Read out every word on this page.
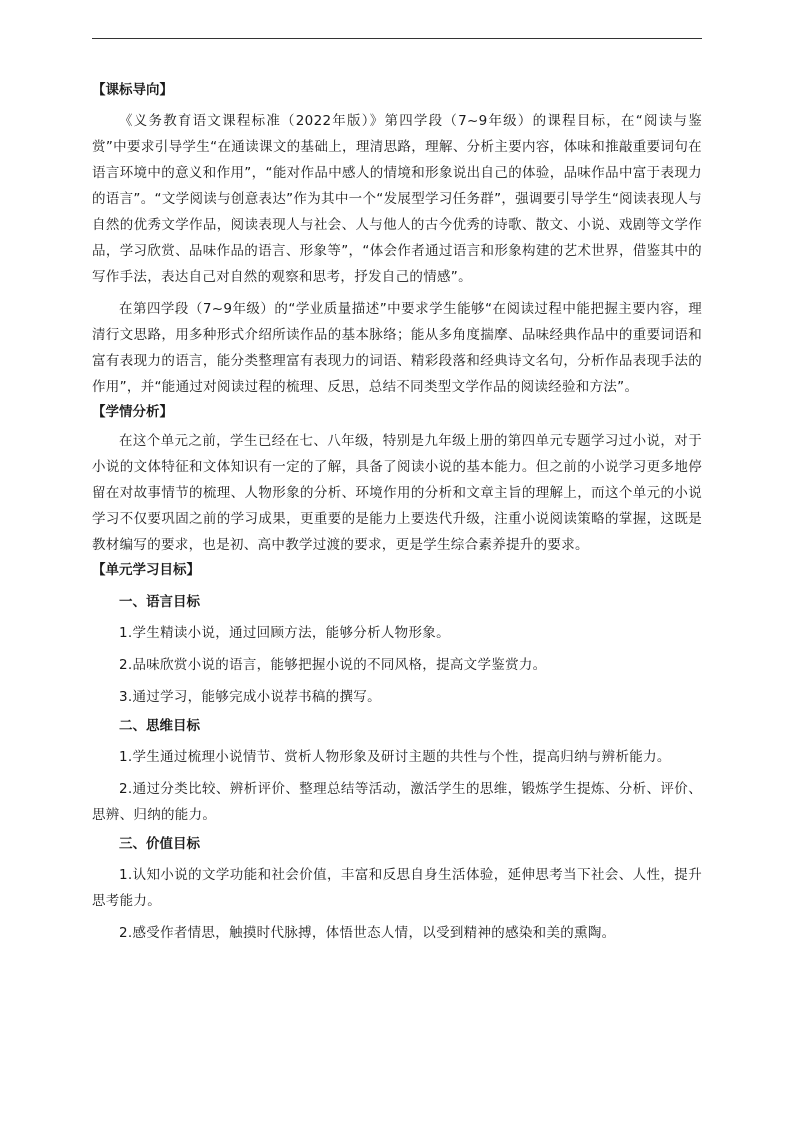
【课标导向】

《义务教育语文课程标准（2022年版）》第四学段（7~9年级）的课程目标，在“阅读与鉴赏”中要求引导学生“在通读课文的基础上，理清思路，理解、分析主要内容，体味和推敲重要词句在语言环境中的意义和作用”，“能对作品中感人的情境和形象说出自己的体验，品味作品中富于表现力的语言”。“文学阅读与创意表达”作为其中一个“发展型学习任务群”，强调要引导学生“阅读表现人与自然的优秀文学作品，阅读表现人与社会、人与他人的古今优秀的诗歌、散文、小说、戏剧等文学作品，学习欣赏、品味作品的语言、形象等”，“体会作者通过语言和形象构建的艺术世界，借鉴其中的写作手法，表达自己对自然的观察和思考，抒发自己的情感”。

在第四学段（7~9年级）的“学业质量描述”中要求学生能够“在阅读过程中能把握主要内容，理清行文思路，用多种形式介绍所读作品的基本脉络；能从多角度揣摩、品味经典作品中的重要词语和富有表现力的语言，能分类整理富有表现力的词语、精彩段落和经典诗文名句，分析作品表现手法的作用”，并“能通过对阅读过程的梳理、反思，总结不同类型文学作品的阅读经验和方法”。

【学情分析】

在这个单元之前，学生已经在七、八年级，特别是九年级上册的第四单元专题学习过小说，对于小说的文体特征和文体知识有一定的了解，具备了阅读小说的基本能力。但之前的小说学习更多地停留在对故事情节的梳理、人物形象的分析、环境作用的分析和文章主旨的理解上，而这个单元的小说学习不仅要巩固之前的学习成果，更重要的是能力上要迭代升级，注重小说阅读策略的掌握，这既是教材编写的要求，也是初、高中教学过渡的要求，更是学生综合素养提升的要求。

【单元学习目标】

一、语言目标

1.学生精读小说，通过回顾方法，能够分析人物形象。

2.品味欣赏小说的语言，能够把握小说的不同风格，提高文学鉴赏力。

3.通过学习，能够完成小说荐书稿的撰写。

二、思维目标

1.学生通过梳理小说情节、赏析人物形象及研讨主题的共性与个性，提高归纳与辨析能力。

2.通过分类比较、辨析评价、整理总结等活动，激活学生的思维，锻炼学生提炼、分析、评价、思辨、归纳的能力。

三、价值目标

1.认知小说的文学功能和社会价值，丰富和反思自身生活体验，延伸思考当下社会、人性，提升思考能力。

2.感受作者情思，触摸时代脉搏，体悟世态人情，以受到精神的感染和美的熏陶。
